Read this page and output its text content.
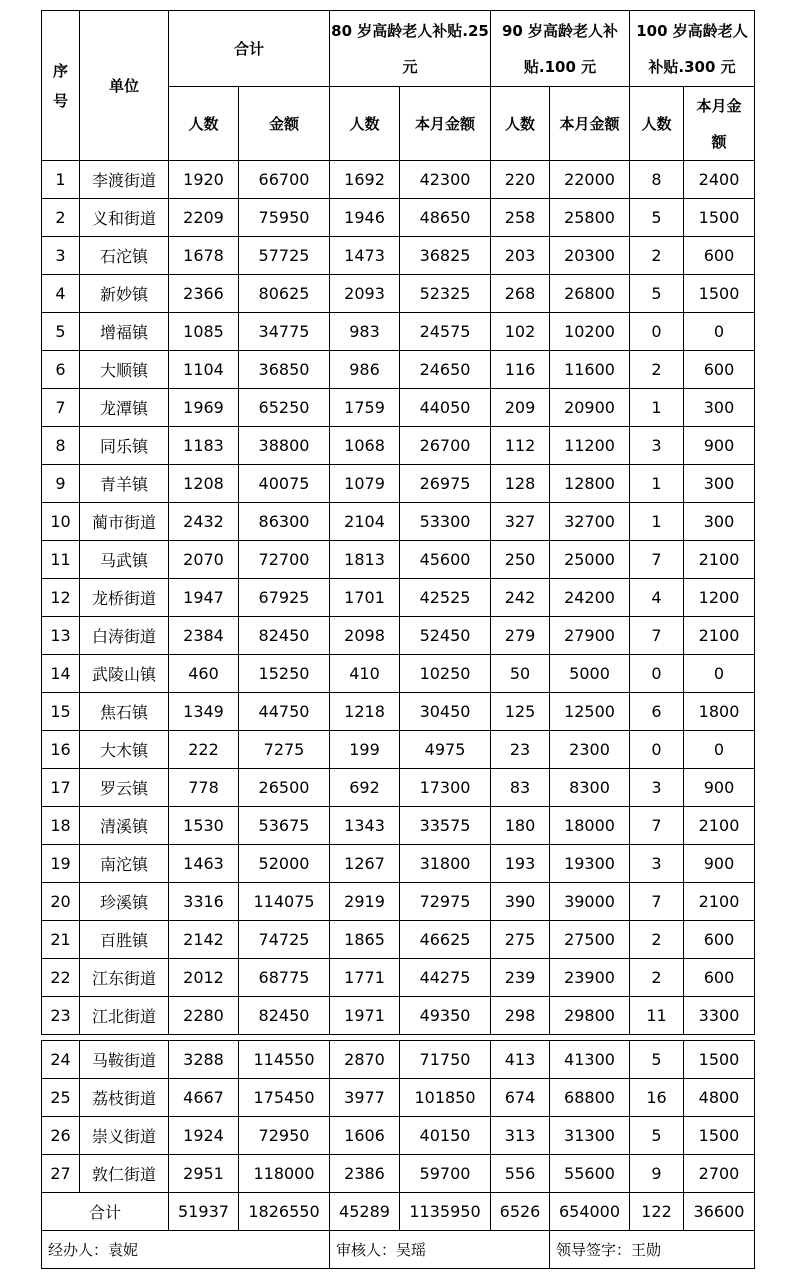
序号	单位	合计		80 岁高龄老人补贴.25 元		90 岁高龄老人补贴.100 元		100 岁高龄老人补贴.300 元	
		人数	金额	人数	本月金额	人数	本月金额	人数	本月金额
1	李渡街道	1920	66700	1692	42300	220	22000	8	2400
2	义和街道	2209	75950	1946	48650	258	25800	5	1500
3	石沱镇	1678	57725	1473	36825	203	20300	2	600
4	新妙镇	2366	80625	2093	52325	268	26800	5	1500
5	增福镇	1085	34775	983	24575	102	10200	0	0
6	大顺镇	1104	36850	986	24650	116	11600	2	600
7	龙潭镇	1969	65250	1759	44050	209	20900	1	300
8	同乐镇	1183	38800	1068	26700	112	11200	3	900
9	青羊镇	1208	40075	1079	26975	128	12800	1	300
10	蔺市街道	2432	86300	2104	53300	327	32700	1	300
11	马武镇	2070	72700	1813	45600	250	25000	7	2100
12	龙桥街道	1947	67925	1701	42525	242	24200	4	1200
13	白涛街道	2384	82450	2098	52450	279	27900	7	2100
14	武陵山镇	460	15250	410	10250	50	5000	0	0
15	焦石镇	1349	44750	1218	30450	125	12500	6	1800
16	大木镇	222	7275	199	4975	23	2300	0	0
17	罗云镇	778	26500	692	17300	83	8300	3	900
18	清溪镇	1530	53675	1343	33575	180	18000	7	2100
19	南沱镇	1463	52000	1267	31800	193	19300	3	900
20	珍溪镇	3316	114075	2919	72975	390	39000	7	2100
21	百胜镇	2142	74725	1865	46625	275	27500	2	600
22	江东街道	2012	68775	1771	44275	239	23900	2	600
23	江北街道	2280	82450	1971	49350	298	29800	11	3300
24	马鞍街道	3288	114550	2870	71750	413	41300	5	1500
25	荔枝街道	4667	175450	3977	101850	674	68800	16	4800
26	崇义街道	1924	72950	1606	40150	313	31300	5	1500
27	敦仁街道	2951	118000	2386	59700	556	55600	9	2700
合计		51937	1826550	45289	1135950	6526	654000	122	36600
经办人：袁妮				审核人：吴瑶			领导签字：王勋		
